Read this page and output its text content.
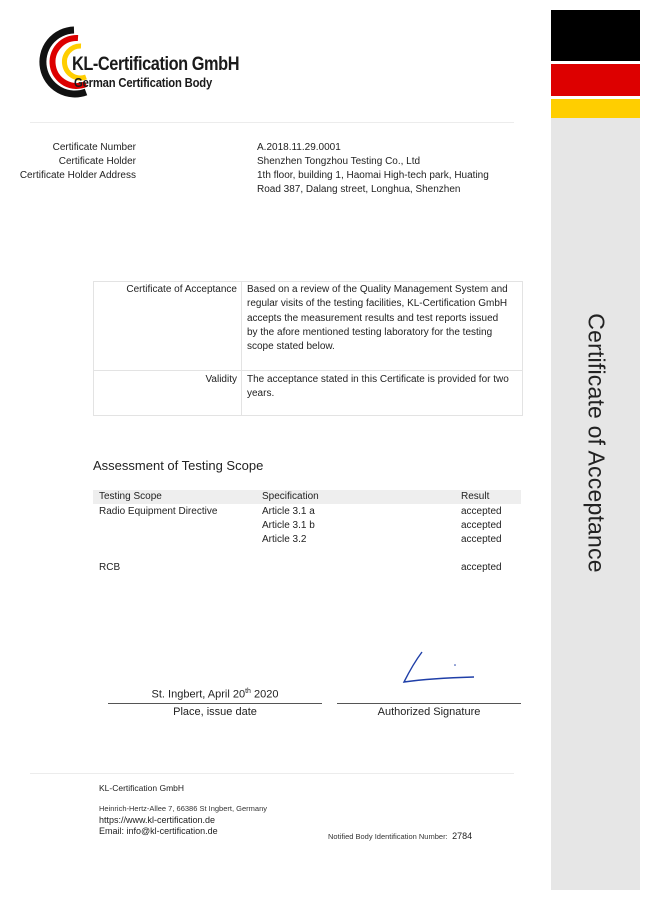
Certificate of Acceptance
KL-Certification GmbH
German Certification Body
Certificate Number	A.2018.11.29.0001
Certificate Holder	Shenzhen Tongzhou Testing Co., Ltd
Certificate Holder Address	1th floor, building 1, Haomai High-tech park, Huating
Road 387, Dalang street, Longhua, Shenzhen
Certificate of Acceptance Based on a review of the Quality Management System and
regular visits of the testing facilities, KL-Certification GmbH
accepts the measurement results and test reports issued
by the afore mentioned testing laboratory for the testing
scope stated below.
Validity The acceptance stated in this Certificate is provided for two
years.
Assessment of Testing Scope
Testing Scope	Specification	Result
Radio Equipment Directive	Article 3.1 a	accepted
Article 3.1 b	accepted
Article 3.2	accepted
RCB	accepted
St. Ingbert, April 20th 2020
Place, issue date	Authorized Signature
KL-Certification GmbH
Heinrich-Hertz-Allee 7, 66386 St Ingbert, Germany
https://www.kl-certification.de
Email: info@kl-certification.de
Notified Body Identification Number: 2784
